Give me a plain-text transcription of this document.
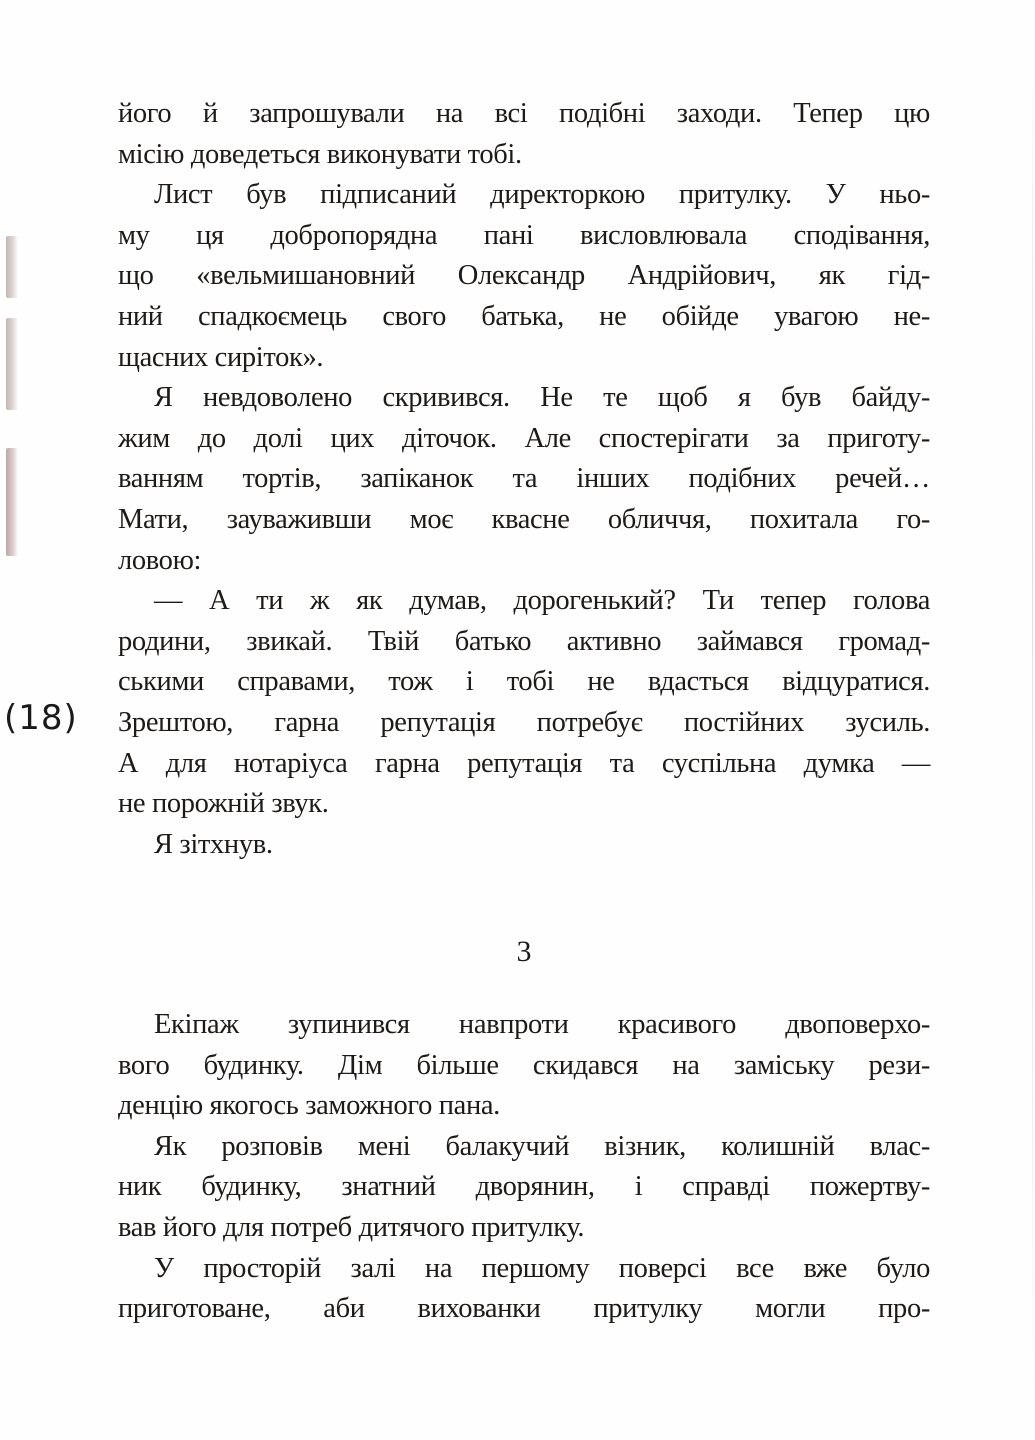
його й запрошували на всі подібні заходи. Тепер цю
місію доведеться виконувати тобі.
Лист був підписаний директоркою притулку. У ньо-
му ця добропорядна пані висловлювала сподівання,
що «вельмишановний Олександр Андрійович, як гід-
ний спадкоємець свого батька, не обійде увагою не-
щасних сиріток».
Я невдоволено скривився. Не те щоб я був байду-
жим до долі цих діточок. Але спостерігати за приготу-
ванням тортів, запіканок та інших подібних речей…
Мати, зауваживши моє квасне обличчя, похитала го-
ловою:
— А ти ж як думав, дорогенький? Ти тепер голова
родини, звикай. Твій батько активно займався громад-
ськими справами, тож і тобі не вдасться відцуратися.
Зрештою, гарна репутація потребує постійних зусиль.
А для нотаріуса гарна репутація та суспільна думка —
не порожній звук.
Я зітхнув.
(18)
3
Екіпаж зупинився навпроти красивого двоповерхо-
вого будинку. Дім більше скидався на заміську рези-
денцію якогось заможного пана.
Як розповів мені балакучий візник, колишній влас-
ник будинку, знатний дворянин, і справді пожертву-
вав його для потреб дитячого притулку.
У просторій залі на першому поверсі все вже було
приготоване, аби вихованки притулку могли про-
